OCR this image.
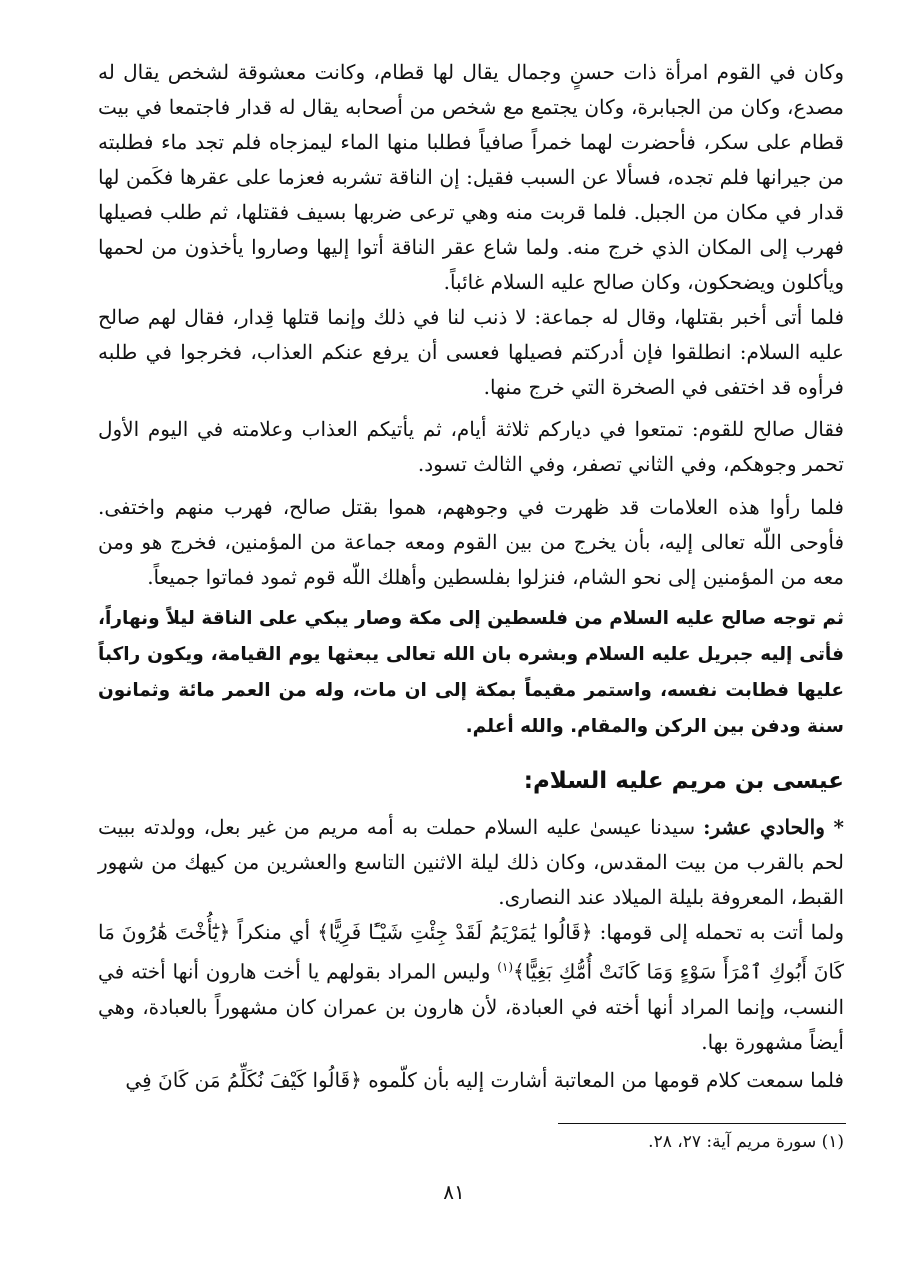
وكان في القوم امرأة ذات حسنٍ وجمال يقال لها قطام، وكانت معشوقة لشخص يقال له مصدع، وكان من الجبابرة، وكان يجتمع مع شخص من أصحابه يقال له قدار فاجتمعا في بيت قطام على سكر، فأحضرت لهما خمراً صافياً فطلبا منها الماء ليمزجاه فلم تجد ماء فطلبته من جيرانها فلم تجده، فسألا عن السبب فقيل: إن الناقة تشربه فعزما على عقرها فكَمن لها قدار في مكان من الجبل. فلما قربت منه وهي ترعى ضربها بسيف فقتلها، ثم طلب فصيلها فهرب إلى المكان الذي خرج منه. ولما شاع عقر الناقة أتوا إليها وصاروا يأخذون من لحمها ويأكلون ويضحكون، وكان صالح عليه السلام غائباً.

فلما أتى أخبر بقتلها، وقال له جماعة: لا ذنب لنا في ذلك وإنما قتلها قِدار، فقال لهم صالح عليه السلام: انطلقوا فإن أدركتم فصيلها فعسى أن يرفع عنكم العذاب، فخرجوا في طلبه فرأوه قد اختفى في الصخرة التي خرج منها.

فقال صالح للقوم: تمتعوا في دياركم ثلاثة أيام، ثم يأتيكم العذاب وعلامته في اليوم الأول تحمر وجوهكم، وفي الثاني تصفر، وفي الثالث تسود.

فلما رأوا هذه العلامات قد ظهرت في وجوههم، هموا بقتل صالح، فهرب منهم واختفى. فأوحى اللّه تعالى إليه، بأن يخرج من بين القوم ومعه جماعة من المؤمنين، فخرج هو ومن معه من المؤمنين إلى نحو الشام، فنزلوا بفلسطين وأهلك اللّه قوم ثمود فماتوا جميعاً.

ثم توجه صالح عليه السلام من فلسطين إلى مكة وصار يبكي على الناقة ليلاً ونهاراً، فأتى إليه جبريل عليه السلام وبشره بان الله تعالى يبعثها يوم القيامة، ويكون راكباً عليها فطابت نفسه، واستمر مقيماً بمكة إلى ان مات، وله من العمر مائة وثمانون سنة ودفن بين الركن والمقام. والله أعلم.

عيسى بن مريم عليه السلام:

* والحادي عشر: سيدنا عيسىٰ عليه السلام حملت به أمه مريم من غير بعل، وولدته ببيت لحم بالقرب من بيت المقدس، وكان ذلك ليلة الاثنين التاسع والعشرين من كيهك من شهور القبط، المعروفة بليلة الميلاد عند النصارى.

ولما أتت به تحمله إلى قومها: ﴿قَالُوا يَٰمَرْيَمُ لَقَدْ جِئْتِ شَيْـًٔا فَرِيًّا﴾ أي منكراً ﴿يَٰٓأُخْتَ هَٰرُونَ مَا كَانَ أَبُوكِ ٱمْرَأَ سَوْءٍ وَمَا كَانَتْ أُمُّكِ بَغِيًّا﴾$^{(١)}$ وليس المراد بقولهم يا أخت هارون أنها أخته في النسب، وإنما المراد أنها أخته في العبادة، لأن هارون بن عمران كان مشهوراً بالعبادة، وهي أيضاً مشهورة بها.

فلما سمعت كلام قومها من المعاتبة أشارت إليه بأن كلّموه ﴿قَالُوا كَيْفَ نُكَلِّمُ مَن كَانَ فِي

(١) سورة مريم آية: ٢٧، ٢٨.
٨١
